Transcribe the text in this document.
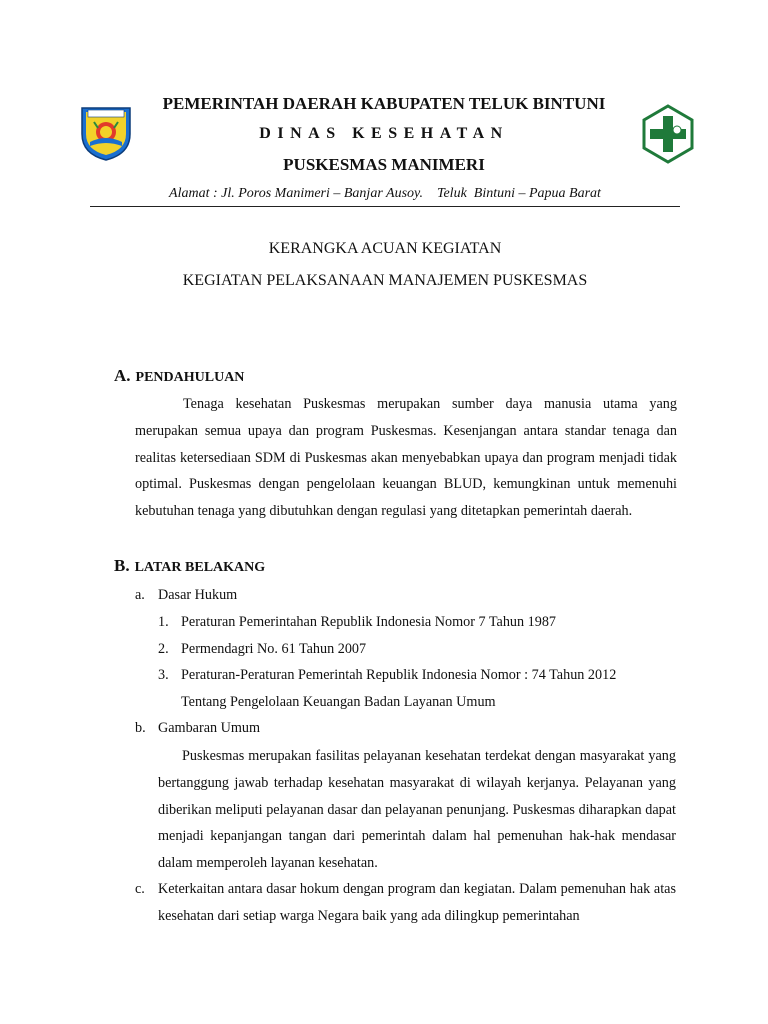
PEMERINTAH DAERAH KABUPATEN TELUK BINTUNI
DINAS KESEHATAN
PUSKESMAS MANIMERI
Alamat : Jl. Poros Manimeri – Banjar Ausoy.    Teluk  Bintuni – Papua Barat
KERANGKA ACUAN KEGIATAN
KEGIATAN PELAKSANAAN MANAJEMEN PUSKESMAS
A. PENDAHULUAN
Tenaga kesehatan Puskesmas merupakan sumber daya manusia utama yang merupakan semua upaya dan program Puskesmas. Kesenjangan antara standar tenaga dan realitas ketersediaan SDM di Puskesmas akan menyebabkan upaya dan program menjadi tidak optimal. Puskesmas dengan pengelolaan keuangan BLUD, kemungkinan untuk memenuhi kebutuhan tenaga yang dibutuhkan dengan regulasi yang ditetapkan pemerintah daerah.
B. LATAR BELAKANG
a. Dasar Hukum
1. Peraturan Pemerintahan Republik Indonesia Nomor 7 Tahun 1987
2. Permendagri No. 61 Tahun 2007
3. Peraturan-Peraturan Pemerintah Republik Indonesia Nomor : 74 Tahun 2012
Tentang Pengelolaan Keuangan Badan Layanan Umum
b. Gambaran Umum
Puskesmas merupakan fasilitas pelayanan kesehatan terdekat dengan masyarakat yang bertanggung jawab terhadap kesehatan masyarakat di wilayah kerjanya. Pelayanan yang diberikan meliputi pelayanan dasar dan pelayanan penunjang. Puskesmas diharapkan dapat menjadi kepanjangan tangan dari pemerintah dalam hal pemenuhan hak-hak mendasar dalam memperoleh layanan kesehatan.
c. Keterkaitan antara dasar hokum dengan program dan kegiatan. Dalam pemenuhan hak atas kesehatan dari setiap warga Negara baik yang ada dilingkup pemerintahan
